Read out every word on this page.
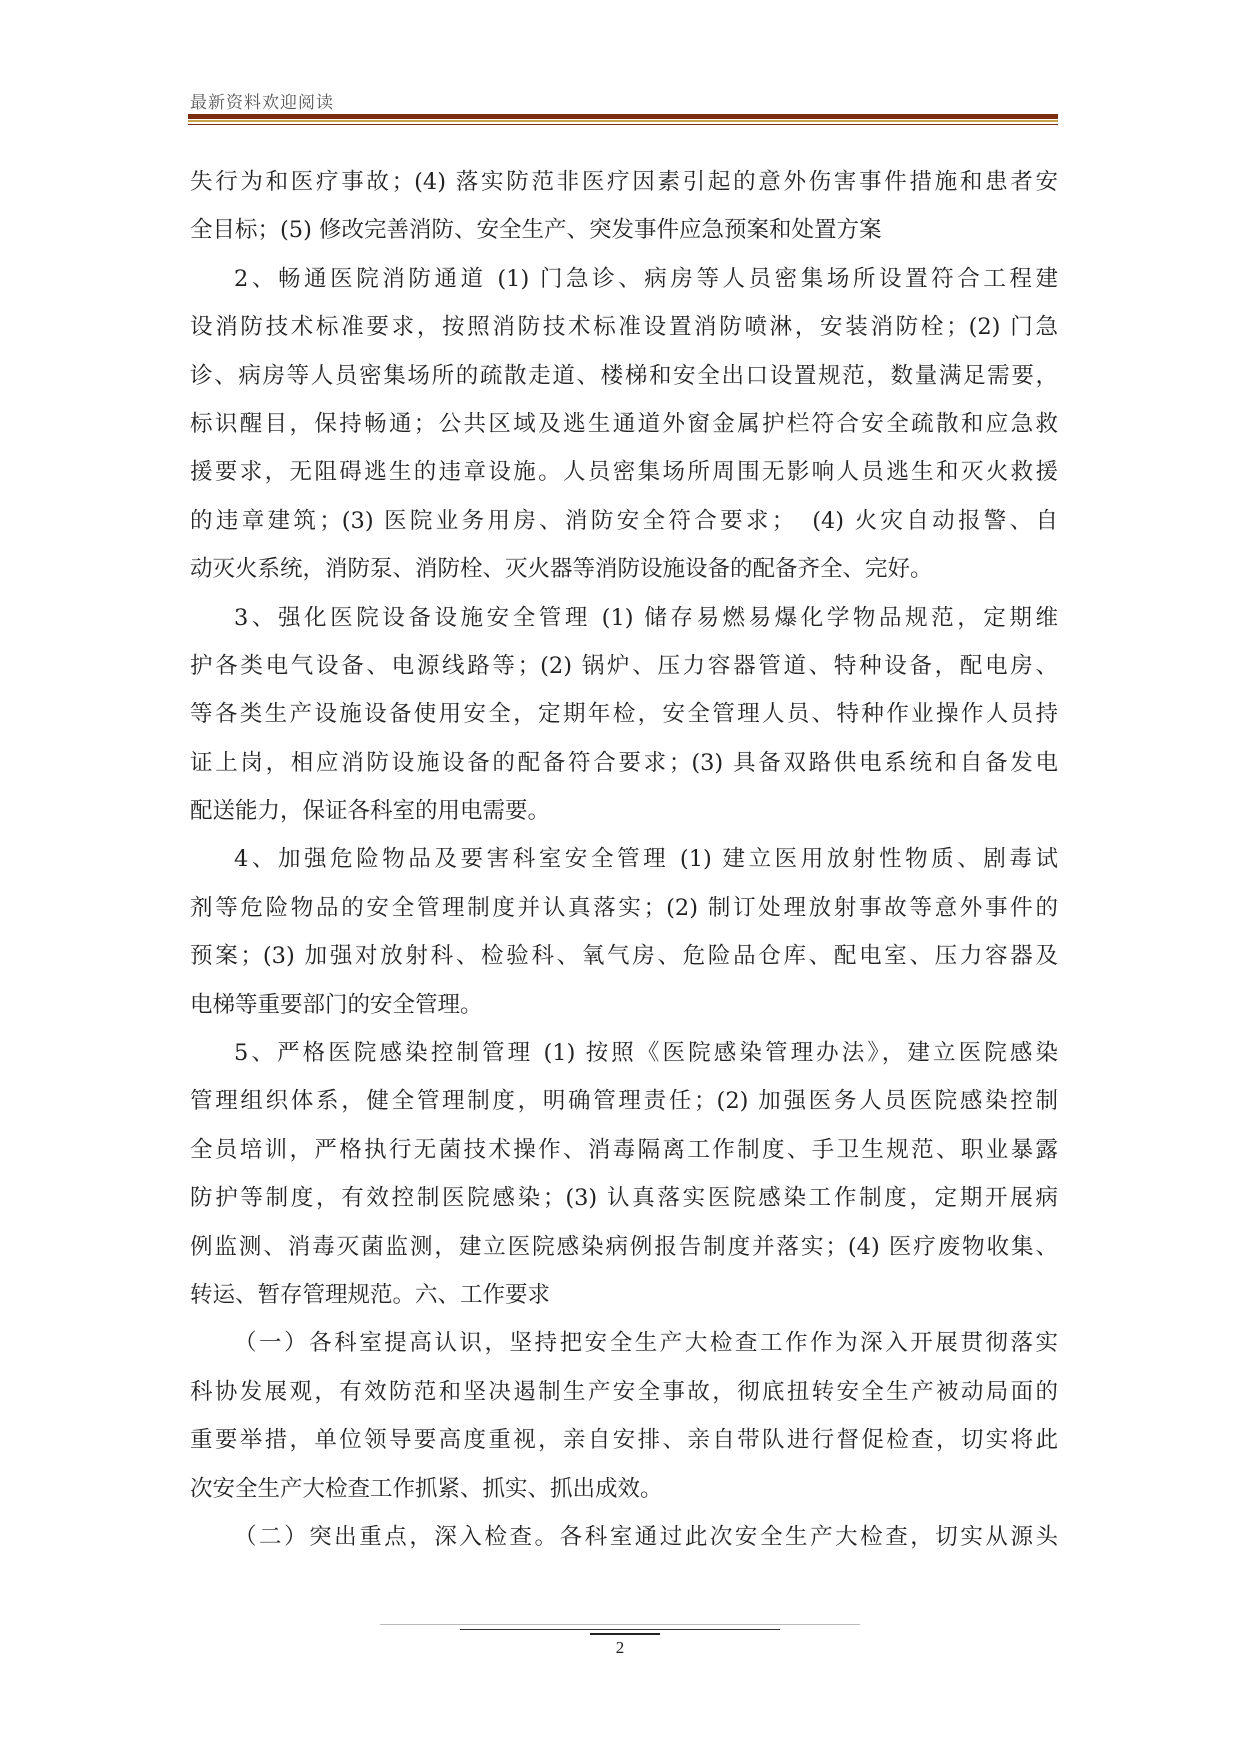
最新资料欢迎阅读
失行为和医疗事故；(4) 落实防范非医疗因素引起的意外伤害事件措施和患者安
全目标；(5) 修改完善消防、安全生产、突发事件应急预案和处置方案
2、畅通医院消防通道 (1) 门急诊、病房等人员密集场所设置符合工程建
设消防技术标准要求，按照消防技术标准设置消防喷淋，安装消防栓；(2) 门急
诊、病房等人员密集场所的疏散走道、楼梯和安全出口设置规范，数量满足需要，
标识醒目，保持畅通；公共区域及逃生通道外窗金属护栏符合安全疏散和应急救
援要求，无阻碍逃生的违章设施。人员密集场所周围无影响人员逃生和灭火救援
的违章建筑；(3) 医院业务用房、消防安全符合要求；　(4) 火灾自动报警、自
动灭火系统，消防泵、消防栓、灭火器等消防设施设备的配备齐全、完好。
3、强化医院设备设施安全管理 (1) 储存易燃易爆化学物品规范，定期维
护各类电气设备、电源线路等；(2) 锅炉、压力容器管道、特种设备，配电房、
等各类生产设施设备使用安全，定期年检，安全管理人员、特种作业操作人员持
证上岗，相应消防设施设备的配备符合要求；(3) 具备双路供电系统和自备发电
配送能力，保证各科室的用电需要。
4、加强危险物品及要害科室安全管理 (1) 建立医用放射性物质、剧毒试
剂等危险物品的安全管理制度并认真落实；(2) 制订处理放射事故等意外事件的
预案；(3) 加强对放射科、检验科、氧气房、危险品仓库、配电室、压力容器及
电梯等重要部门的安全管理。
5、严格医院感染控制管理 (1) 按照《医院感染管理办法》，建立医院感染
管理组织体系，健全管理制度，明确管理责任；(2) 加强医务人员医院感染控制
全员培训，严格执行无菌技术操作、消毒隔离工作制度、手卫生规范、职业暴露
防护等制度，有效控制医院感染；(3) 认真落实医院感染工作制度，定期开展病
例监测、消毒灭菌监测，建立医院感染病例报告制度并落实；(4) 医疗废物收集、
转运、暂存管理规范。六、工作要求
（一）各科室提高认识，坚持把安全生产大检查工作作为深入开展贯彻落实
科协发展观，有效防范和坚决遏制生产安全事故，彻底扭转安全生产被动局面的
重要举措，单位领导要高度重视，亲自安排、亲自带队进行督促检查，切实将此
次安全生产大检查工作抓紧、抓实、抓出成效。
（二）突出重点，深入检查。各科室通过此次安全生产大检查，切实从源头
2
